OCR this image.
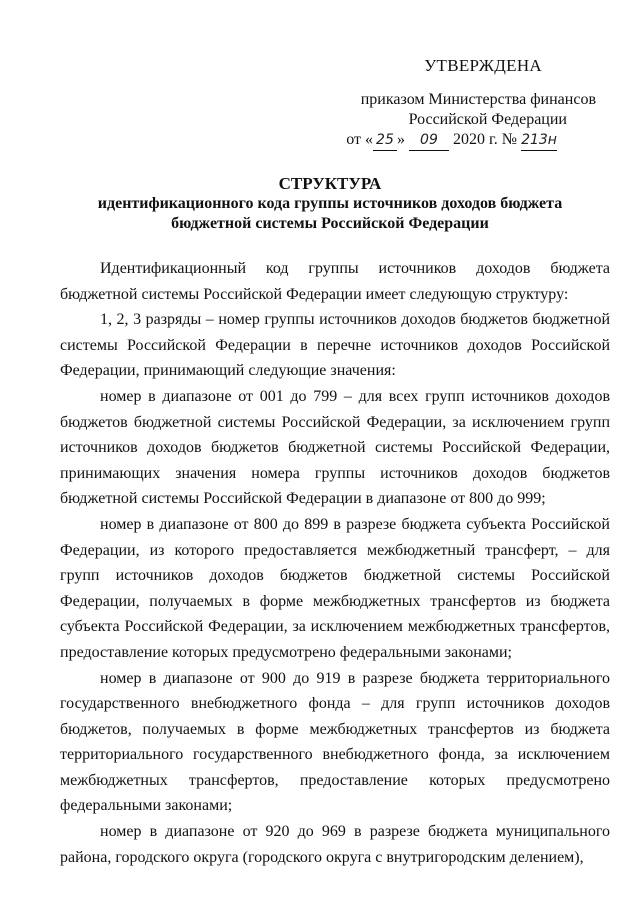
УТВЕРЖДЕНА
приказом Министерства финансов
Российской Федерации
от « 25 » 09 2020 г. № 213н
СТРУКТУРА
идентификационного кода группы источников доходов бюджета бюджетной системы Российской Федерации

Идентификационный код группы источников доходов бюджета бюджетной системы Российской Федерации имеет следующую структуру:

1, 2, 3 разряды – номер группы источников доходов бюджетов бюджетной системы Российской Федерации в перечне источников доходов Российской Федерации, принимающий следующие значения:

номер в диапазоне от 001 до 799 – для всех групп источников доходов бюджетов бюджетной системы Российской Федерации, за исключением групп источников доходов бюджетов бюджетной системы Российской Федерации, принимающих значения номера группы источников доходов бюджетов бюджетной системы Российской Федерации в диапазоне от 800 до 999;

номер в диапазоне от 800 до 899 в разрезе бюджета субъекта Российской Федерации, из которого предоставляется межбюджетный трансферт, – для групп источников доходов бюджетов бюджетной системы Российской Федерации, получаемых в форме межбюджетных трансфертов из бюджета субъекта Российской Федерации, за исключением межбюджетных трансфертов, предоставление которых предусмотрено федеральными законами;

номер в диапазоне от 900 до 919 в разрезе бюджета территориального государственного внебюджетного фонда – для групп источников доходов бюджетов, получаемых в форме межбюджетных трансфертов из бюджета территориального государственного внебюджетного фонда, за исключением межбюджетных трансфертов, предоставление которых предусмотрено федеральными законами;

номер в диапазоне от 920 до 969 в разрезе бюджета муниципального района, городского округа (городского округа с внутригородским делением),
